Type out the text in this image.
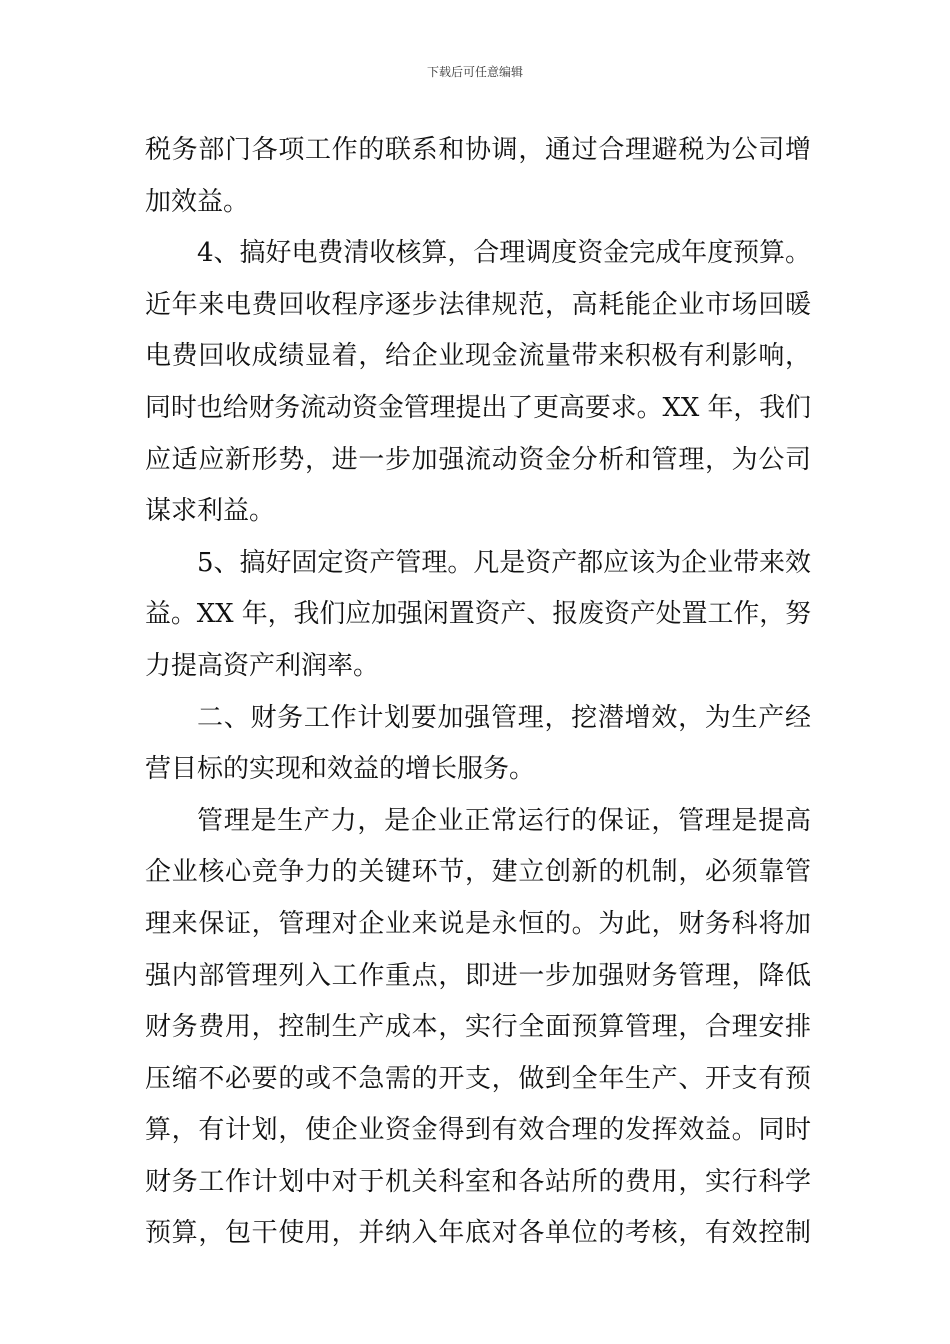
下载后可任意编辑
税务部门各项工作的联系和协调，通过合理避税为公司增
加效益。
4、搞好电费清收核算，合理调度资金完成年度预算。
近年来电费回收程序逐步法律规范，高耗能企业市场回暖
电费回收成绩显着，给企业现金流量带来积极有利影响，
同时也给财务流动资金管理提出了更高要求。XX 年，我们
应适应新形势，进一步加强流动资金分析和管理，为公司
谋求利益。
5、搞好固定资产管理。凡是资产都应该为企业带来效
益。XX 年，我们应加强闲置资产、报废资产处置工作，努
力提高资产利润率。
二、财务工作计划要加强管理，挖潜增效，为生产经
营目标的实现和效益的增长服务。
管理是生产力，是企业正常运行的保证，管理是提高
企业核心竞争力的关键环节，建立创新的机制，必须靠管
理来保证，管理对企业来说是永恒的。为此，财务科将加
强内部管理列入工作重点，即进一步加强财务管理，降低
财务费用，控制生产成本，实行全面预算管理，合理安排
压缩不必要的或不急需的开支，做到全年生产、开支有预
算，有计划，使企业资金得到有效合理的发挥效益。同时
财务工作计划中对于机关科室和各站所的费用，实行科学
预算，包干使用，并纳入年底对各单位的考核，有效控制
